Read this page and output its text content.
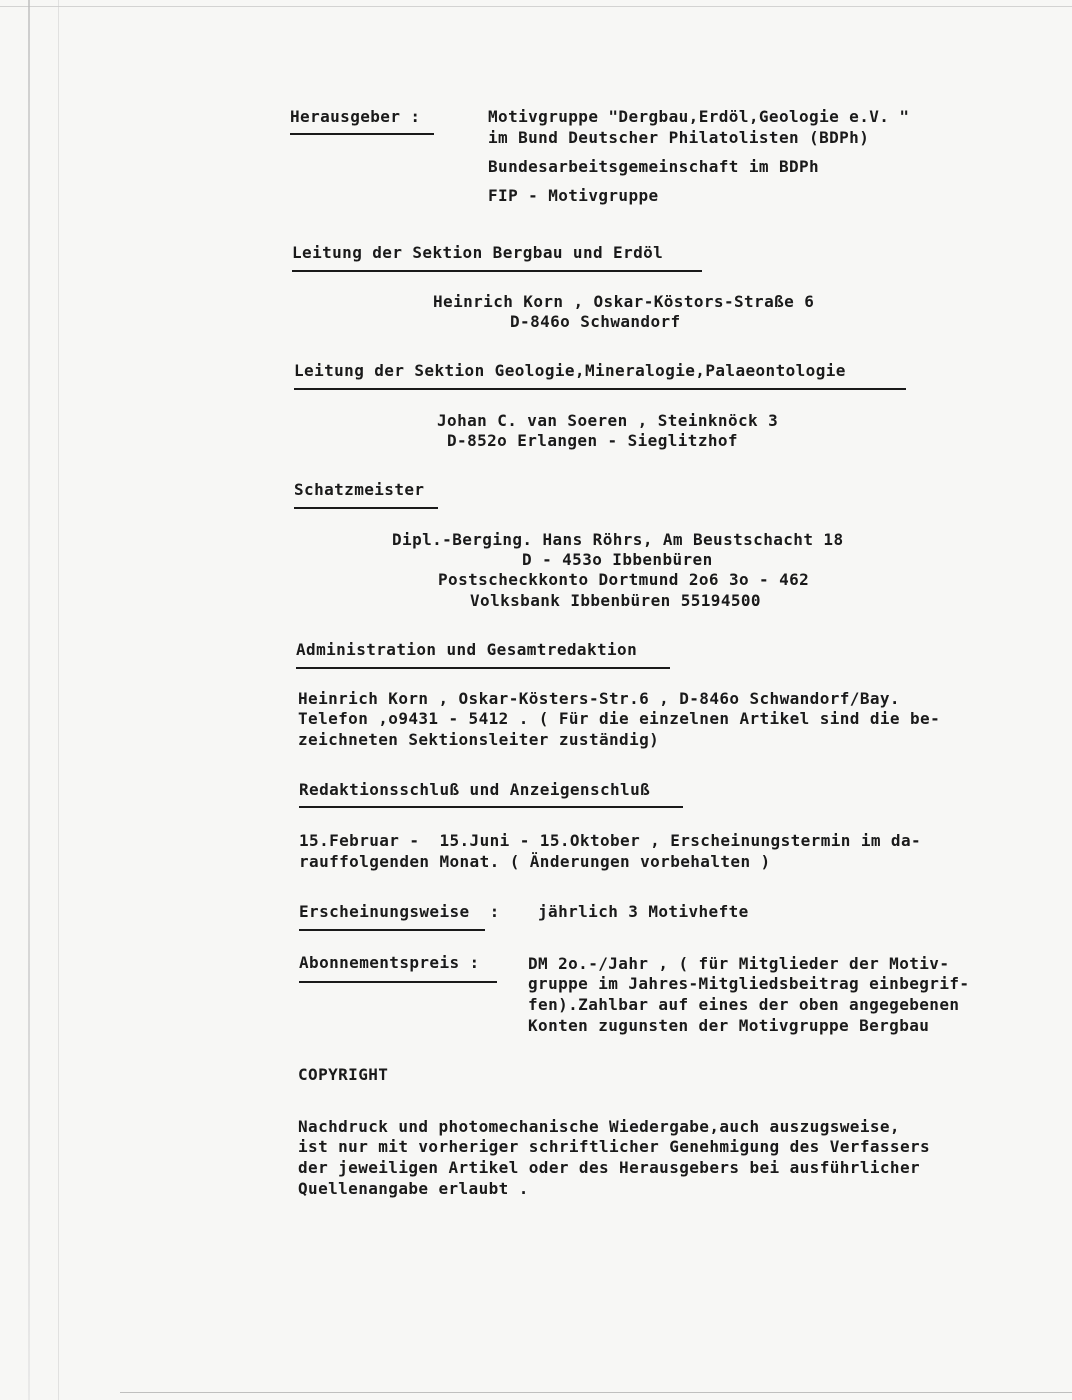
Herausgeber :	Motivgruppe "Dergbau,Erdöl,Geologie e.V. "
im Bund Deutscher Philatolisten (BDPh)
Bundesarbeitsgemeinschaft im BDPh
FIP - Motivgruppe
Leitung der Sektion Bergbau und Erdöl
Heinrich Korn , Oskar-Köstors-Straße 6
D-846o Schwandorf
Leitung der Sektion Geologie,Mineralogie,Palaeontologie
Johan C. van Soeren , Steinknöck 3
D-852o Erlangen - Sieglitzhof
Schatzmeister
Dipl.-Berging. Hans Röhrs, Am Beustschacht 18
D - 453o Ibbenbüren
Postscheckkonto Dortmund 2o6 3o - 462
Volksbank Ibbenbüren 55194500
Administration und Gesamtredaktion
Heinrich Korn , Oskar-Kösters-Str.6 , D-846o Schwandorf/Bay.
Telefon ,o9431 - 5412 . ( Für die einzelnen Artikel sind die be-
zeichneten Sektionsleiter zuständig)
Redaktionsschluß und Anzeigenschluß
15.Februar -  15.Juni - 15.Oktober , Erscheinungstermin im da-
rauffolgenden Monat. ( Änderungen vorbehalten )
Erscheinungsweise  : jährlich 3 Motivhefte
Abonnementspreis :	DM 2o.-/Jahr , ( für Mitglieder der Motiv-
gruppe im Jahres-Mitgliedsbeitrag einbegrif-
fen).Zahlbar auf eines der oben angegebenen
Konten zugunsten der Motivgruppe Bergbau
COPYRIGHT
Nachdruck und photomechanische Wiedergabe,auch auszugsweise,
ist nur mit vorheriger schriftlicher Genehmigung des Verfassers
der jeweiligen Artikel oder des Herausgebers bei ausführlicher
Quellenangabe erlaubt .
